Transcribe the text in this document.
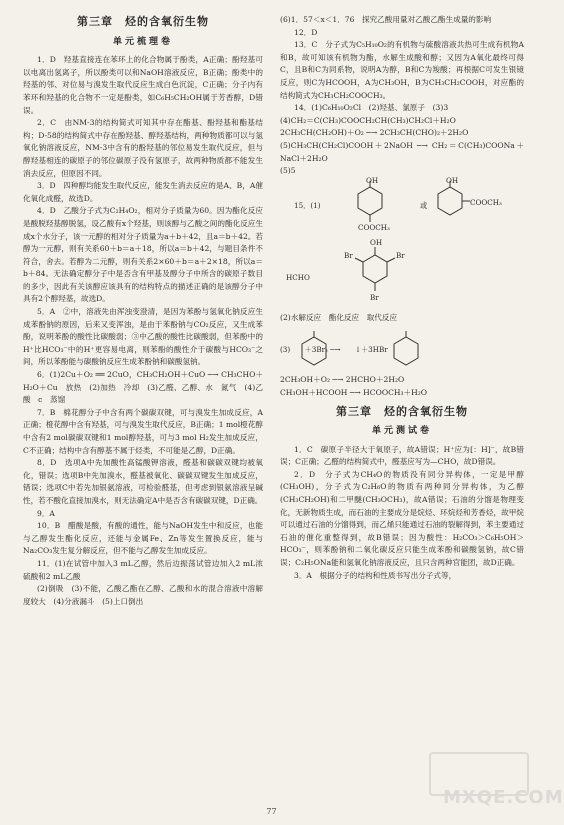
第三章　烃的含氧衍生物
单元梳理卷

1．D　羟基直接连在苯环上的化合物属于酚类，A正确；酚羟基可以电离出氢离子，所以酚类可以和NaOH溶液反应，B正确；酚类中的羟基的邻、对位易与溴发生取代反应生成白色沉淀，C正确；分子内有苯环和羟基的化合物不一定是酚类，如C₆H₅CH₂OH属于芳香醇，D错误。

2．C　由NM-3的结构简式可知其中存在酯基、酚羟基和酯基结构；D-58的结构简式中存在酚羟基、醇羟基结构，两种物质都可以与氢氧化钠溶液反应，NM-3中含有的酚羟基的邻位易发生取代反应，但与醇羟基相连的碳原子的邻位碳原子没有氢原子，故两种物质都不能发生消去反应，但原因不同。

3．D　四种醇均能发生取代反应，能发生消去反应的是A、B，A催化氧化成醛，故选D。

4．D　乙酸分子式为C₂H₄O₂，相对分子质量为60。因为酯化反应是酸脱羟基醇脱氢，设乙酸有x个羟基，则该醇与乙酸之间的酯化反应生成x个水分子，该一元醇的相对分子质量为a＋b＋42，且a＝b＋42。若醇为一元醇，则有关系60＋b＝a＋18，所以a＝b＋42，与题目条件不符合，舍去。若醇为二元醇，则有关系2×60＋b＝a＋2×18，所以a＝b＋84。无法确定醇分子中是否含有甲基及醇分子中所含的碳原子数目的多少，因此有关该醇应该具有的结构特点的描述正确的是该醇分子中具有2个醇羟基，故选D。

5．A　②中，溶液先由浑浊变澄清，是因为苯酚与氢氧化钠反应生成苯酚钠的原因，后来又变浑浊，是由于苯酚钠与CO₂反应，又生成苯酚，说明苯酚的酸性比碳酸弱；③中乙酸的酸性比碳酸弱，但苯酚中的H⁺比HCO₃⁻中的H⁺更容易电离，则苯酚的酸性介于碳酸与HCO₃⁻之间，所以苯酚能与碳酸钠反应生成苯酚钠和碳酸氢钠。

6．(1)2Cu＋O₂ ══ 2CuO，CH₃CH₂OH＋CuO ─→ CH₃CHO＋H₂O＋Cu　放热　(2)加热　冷却　(3)乙醛、乙醇、水　氮气　(4)乙酸　c　蒸馏

7．B　棉花醇分子中含有两个碳碳双键，可与溴发生加成反应，A正确；橙花醇中含有羟基，可与溴发生取代反应，B正确；1 mol橙花醇中含有2 mol碳碳双键和1 mol醇羟基，可与3 mol H₂发生加成反应，C不正确；结构中含有醇基不属于烃类，不可能是乙醇，D正确。

8．D　选项A中先加酸性高锰酸钾溶液，醛基和碳碳双键均被氧化，错误；选项B中先加溴水，醛基被氧化、碳碳双键发生加成反应，错误；选项C中若先加银氨溶液，可检验醛基，但考虑到银氨溶液呈碱性，若不酸化直接加溴水，则无法确定A中是否含有碳碳双键，D正确。

9．A

10．B　醋酸是酸，有酸的通性，能与NaOH发生中和反应，也能与乙醇发生酯化反应，还能与金属Fe、Zn等发生置换反应，能与Na₂CO₃发生复分解反应，但不能与乙醇发生加成反应。

11．(1)在试管中加入3 mL乙醇，然后边振荡试管边加入2 mL浓硫酸和2 mL乙酸

(2)倒吸　(3)不能，乙酸乙酯在乙醇、乙酸和水的混合溶液中溶解度较大　(4)分液漏斗　(5)上口倒出

(6)1．57＜x＜1．76　探究乙酸用量对乙酸乙酯生成量的影响

12．D

13．C　分子式为C₅H₁₀O₂的有机物与硫酸溶液共热可生成有机物A和B，故可知该有机物为酯，水解生成酸和醇；又因为A氧化最终可得C，且B和C为同系物，说明A为醇，B和C为羧酸；再根据C可发生银镜反应，则C为HCOOH，A为CH₃OH，B为CH₃CH₂COOH，对应酯的结构简式为CH₃CH₂COOCH₃。

14．(1)C₆H₁₀O₂Cl　(2)羟基、氯原子　(3)3

(4)CH₂＝C(CH₃)COOCH₂CH(CH₃)CH₂Cl＋H₂O

2CH₃CH(CH₂OH)＋O₂ ─→ 2CH₃CH(CHO)₂＋2H₂O

(5)CH₃CH(CH₂Cl)COOH＋2NaOH ─→ CH₂＝C(CH₃)COONa＋NaCl＋2H₂O

(5)5

15．(1)
OH
COOCH₃
或
OH
COOCH₃
HCHO
OH
Br	Br
Br

(2)水解反应　酯化反应　取代反应

(3)　　＋3Br₂ ─→　　↓＋3HBr

2CH₃OH＋O₂ ─→ 2HCHO＋2H₂O

CH₃OH＋HCOOH ─→ HCOOCH₃＋H₂O

第三章　烃的含氧衍生物
单元测试卷

1．C　碳原子半径大于氧原子，故A错误；H⁺应为[：H]⁻，故B错误；C正确；乙醛的结构简式中，醛基应写为—CHO，故D错误。

2．D　分子式为CH₄O的物质没有同分异构体，一定是甲醇(CH₃OH)，分子式为C₂H₆O的物质有两种同分异构体，为乙醇(CH₃CH₂OH)和二甲醚(CH₃OCH₃)，故A错误；石油的分馏是物理变化，无新物质生成，而石油的主要成分是烷烃、环烷烃和芳香烃，故甲烷可以通过石油的分馏得到，而乙烯只能通过石油的裂解得到，苯主要通过石油的催化重整得到，故B错误；因为酸性：H₂CO₃＞C₆H₅OH＞HCO₃⁻，则苯酚钠和二氧化碳反应只能生成苯酚和碳酸氢钠，故C错误；C₂H₅ONa能和氢氧化钠溶液反应，且只含两种官能团，故D正确。

3．A　根据分子的结构和性质书写出分子式等，

77
MXQE.COM
